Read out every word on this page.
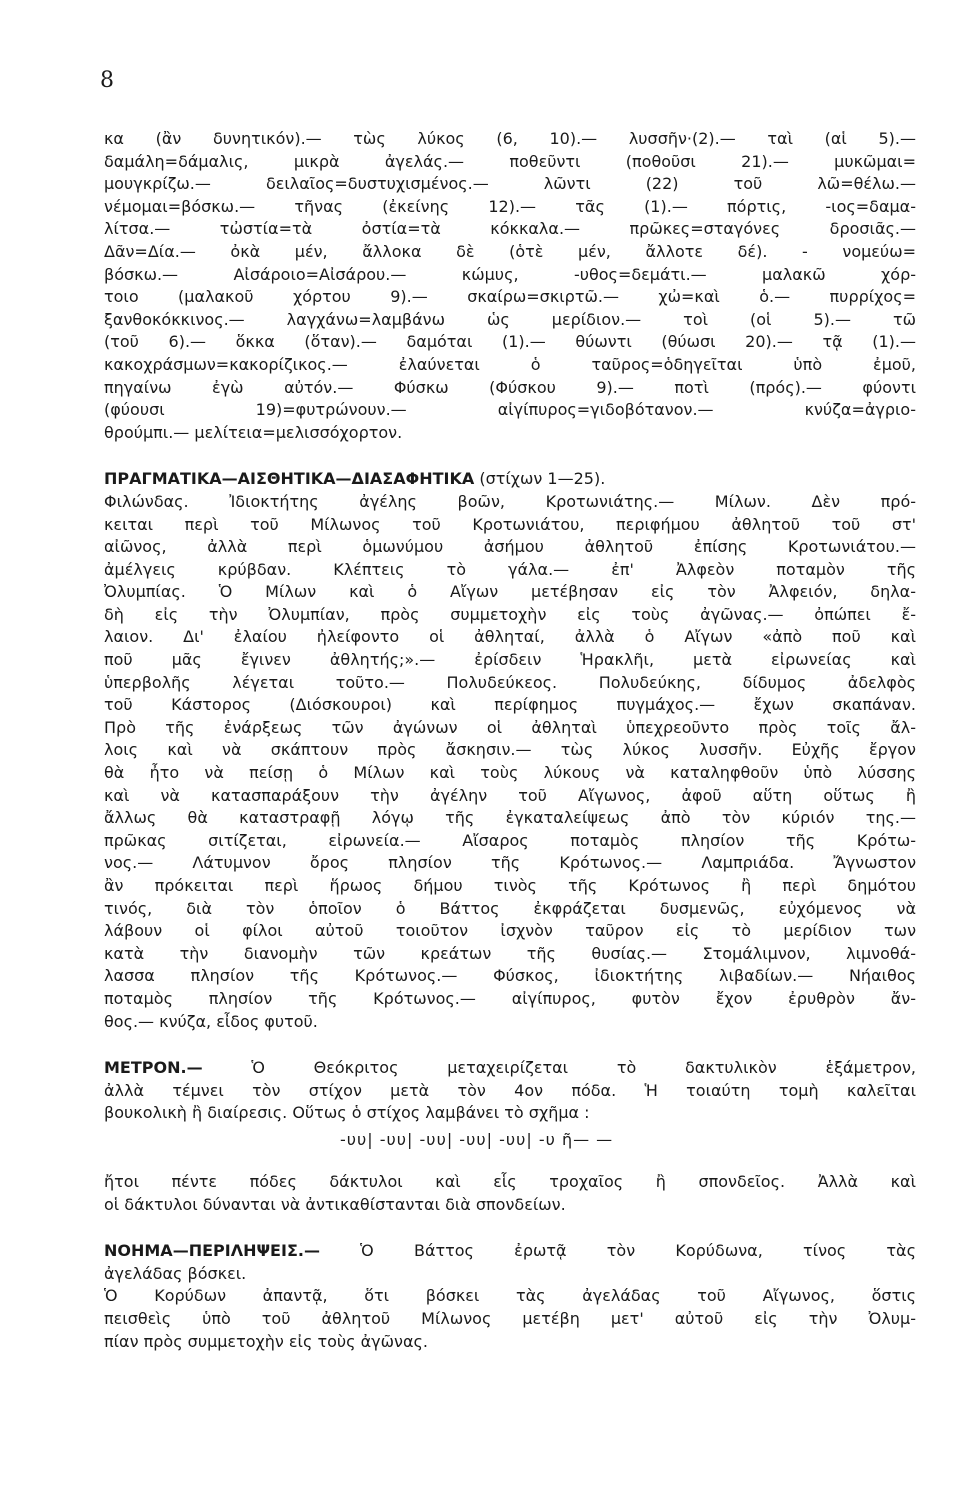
8

κα (ἂν δυνητικόν).— τὼς λύκος (6, 10).— λυσσῆν·(2).— ταὶ (αἱ 5).—

δαμάλη=δάμαλις, μικρὰ ἀγελάς.— ποθεῦντι (ποθοῦσι 21).— μυκῶμαι=

μουγκρίζω.— δειλαῖος=δυστυχισμένος.— λῶντι (22) τοῦ λῶ=θέλω.—

νέμομαι=βόσκω.— τῆνας (ἐκείνης 12).— τᾶς (1).— πόρτις, -ιος=δαμα-

λίτσα.— τὠστία=τὰ ὀστία=τὰ κόκκαλα.— πρῶκες=σταγόνες δροσιᾶς.—

Δᾶν=Δία.— ὀκὰ μέν, ἄλλοκα δὲ (ὁτὲ μέν, ἄλλοτε δέ). - νομεύω=

βόσκω.— Αἰσάροιο=Αἰσάρου.— κώμυς, -υθος=δεμάτι.— μαλακῶ χόρ-

τοιο (μαλακοῦ χόρτου 9).— σκαίρω=σκιρτῶ.— χὠ=καὶ ὁ.— πυρρίχος=

ξανθοκόκκινος.— λαγχάνω=λαμβάνω ὡς μερίδιον.— τοὶ (οἱ 5).— τῶ

(τοῦ 6).— ὅκκα (ὅταν).— δαμόται (1).— θύωντι (θύωσι 20).— τᾷ (1).—

κακοχράσμων=κακορίζικος.— ἐλαύνεται ὁ ταῦρος=ὁδηγεῖται ὑπὸ ἐμοῦ,

πηγαίνω ἐγὼ αὐτόν.— Φύσκω (Φύσκου 9).— ποτὶ (πρός).— φύοντι

(φύουσι 19)=φυτρώνουν.— αἰγίπυρος=γιδοβότανον.— κνύζα=ἀγριο-

θρούμπι.— μελίτεια=μελισσόχορτον.

ΠΡΑΓΜΑΤΙΚΑ—ΑΙΣΘΗΤΙΚΑ—ΔΙΑΣΑΦΗΤΙΚΑ (στίχων 1—25).

Φιλώνδας. Ἰδιοκτήτης ἀγέλης βοῶν, Κροτωνιάτης.— Μίλων. Δὲν πρό-

κειται περὶ τοῦ Μίλωνος τοῦ Κροτωνιάτου, περιφήμου ἀθλητοῦ τοῦ στ'

αἰῶνος, ἀλλὰ περὶ ὁμωνύμου ἀσήμου ἀθλητοῦ ἐπίσης Κροτωνιάτου.—

ἀμέλγεις κρύβδαν. Κλέπτεις τὸ γάλα.— ἐπ' Ἀλφεὸν ποταμὸν τῆς

Ὀλυμπίας. Ὁ Μίλων καὶ ὁ Αἴγων μετέβησαν εἰς τὸν Ἀλφειόν, δηλα-

δὴ εἰς τὴν Ὀλυμπίαν, πρὸς συμμετοχὴν εἰς τοὺς ἀγῶνας.— ὀπώπει ἔ-

λαιον. Δι' ἐλαίου ἠλείφοντο οἱ ἀθληταί, ἀλλὰ ὁ Αἴγων «ἀπὸ ποῦ καὶ

ποῦ μᾶς ἔγινεν ἀθλητής;».— ἐρίσδειν Ἡρακλῆι, μετὰ εἰρωνείας καὶ

ὑπερβολῆς λέγεται τοῦτο.— Πολυδεύκεος. Πολυδεύκης, δίδυμος ἀδελφὸς

τοῦ Κάστορος (Διόσκουροι) καὶ περίφημος πυγμάχος.— ἔχων σκαπάναν.

Πρὸ τῆς ἐνάρξεως τῶν ἀγώνων οἱ ἀθληταὶ ὑπεχρεοῦντο πρὸς τοῖς ἄλ-

λοις καὶ νὰ σκάπτουν πρὸς ἄσκησιν.— τὼς λύκος λυσσῆν. Εὐχῆς ἔργον

θὰ ἦτο νὰ πείσῃ ὁ Μίλων καὶ τοὺς λύκους νὰ καταληφθοῦν ὑπὸ λύσσης

καὶ νὰ κατασπαράξουν τὴν ἀγέλην τοῦ Αἴγωνος, ἀφοῦ αὕτη οὕτως ἢ

ἄλλως θὰ καταστραφῇ λόγῳ τῆς ἐγκαταλείψεως ἀπὸ τὸν κύριόν της.—

πρῶκας σιτίζεται, εἰρωνεία.— Αἴσαρος ποταμὸς πλησίον τῆς Κρότω-

νος.— Λάτυμνον ὄρος πλησίον τῆς Κρότωνος.— Λαμπριάδα. Ἄγνωστον

ἂν πρόκειται περὶ ἥρωος δήμου τινὸς τῆς Κρότωνος ἢ περὶ δημότου

τινός, διὰ τὸν ὁποῖον ὁ Βάττος ἐκφράζεται δυσμενῶς, εὐχόμενος νὰ

λάβουν οἱ φίλοι αὐτοῦ τοιοῦτον ἰσχνὸν ταῦρον εἰς τὸ μερίδιον των

κατὰ τὴν διανομὴν τῶν κρεάτων τῆς θυσίας.— Στομάλιμνον, λιμνοθά-

λασσα πλησίον τῆς Κρότωνος.— Φύσκος, ἰδιοκτήτης λιβαδίων.— Νήαιθος

ποταμὸς πλησίον τῆς Κρότωνος.— αἰγίπυρος, φυτὸν ἔχον ἐρυθρὸν ἄν-

θος.— κνύζα, εἶδος φυτοῦ.

ΜΕΤΡΟΝ.— Ὁ Θεόκριτος μεταχειρίζεται τὸ δακτυλικὸν ἑξάμετρον,

ἀλλὰ τέμνει τὸν στίχον μετὰ τὸν 4ον πόδα. Ἡ τοιαύτη τομὴ καλεῖται

βουκολικὴ ἢ διαίρεσις. Οὕτως ὁ στίχος λαμβάνει τὸ σχῆμα :

-υυ| -υυ| -υυ| -υυ| -υυ| -υ ῆ— —

ἤτοι πέντε πόδες δάκτυλοι καὶ εἷς τροχαῖος ἢ σπονδεῖος. Ἀλλὰ καὶ

οἱ δάκτυλοι δύνανται νὰ ἀντικαθίστανται διὰ σπονδείων.

ΝΟΗΜΑ—ΠΕΡΙΛΗΨΕΙΣ.— Ὁ Βάττος ἐρωτᾷ τὸν Κορύδωνα, τίνος τὰς

ἀγελάδας βόσκει.

Ὁ Κορύδων ἀπαντᾷ, ὅτι βόσκει τὰς ἀγελάδας τοῦ Αἴγωνος, ὅστις

πεισθεὶς ὑπὸ τοῦ ἀθλητοῦ Μίλωνος μετέβη μετ' αὐτοῦ εἰς τὴν Ὀλυμ-

πίαν πρὸς συμμετοχὴν εἰς τοὺς ἀγῶνας.
